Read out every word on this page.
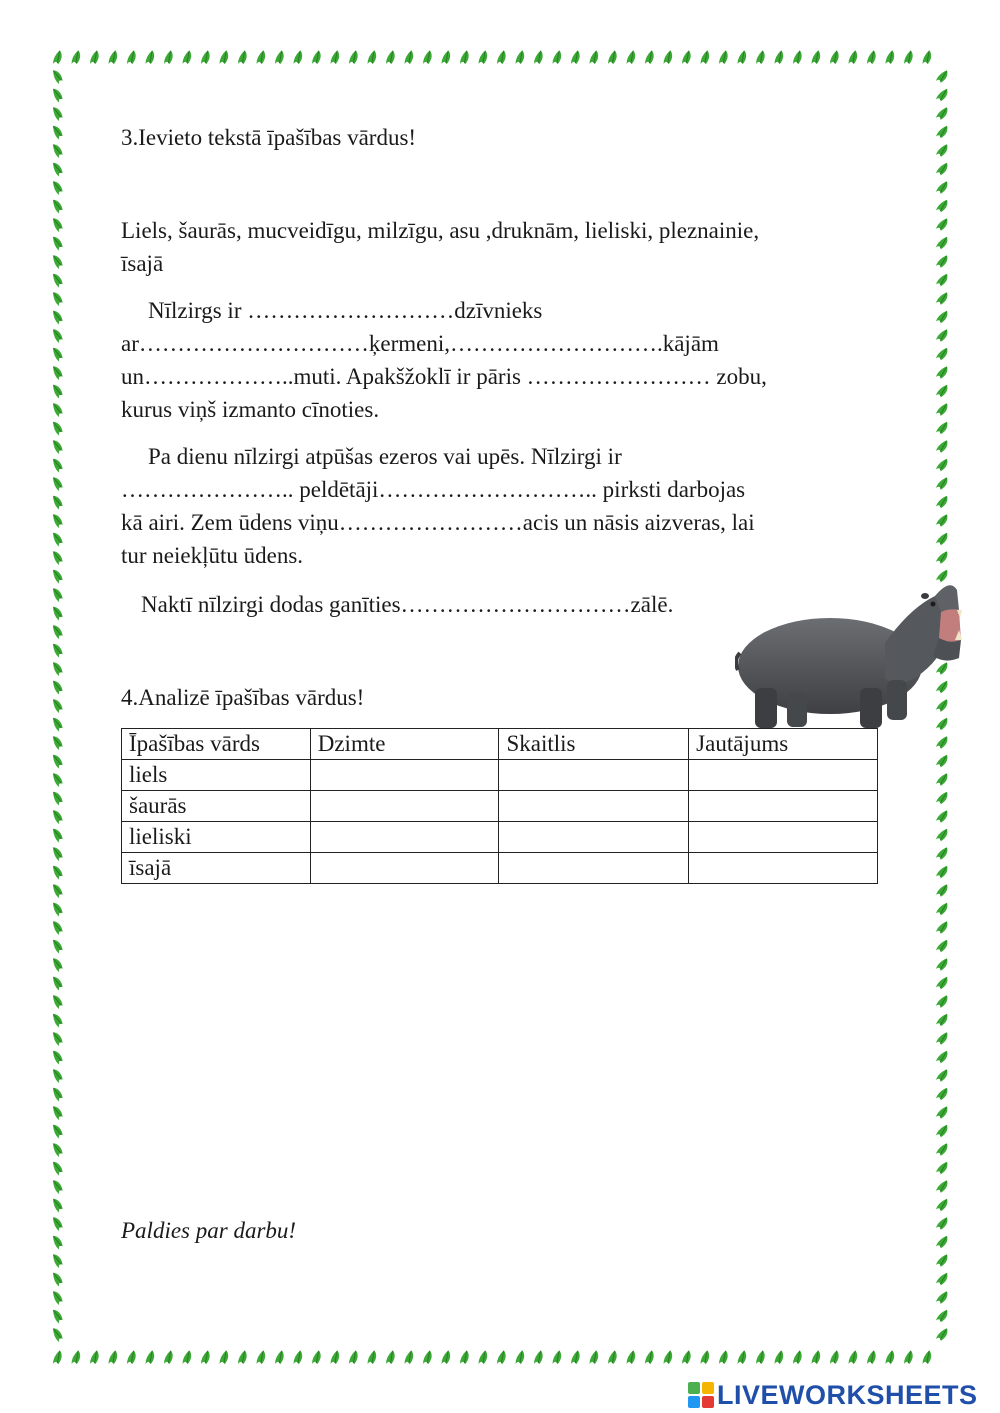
3.Ievieto tekstā īpašības vārdus!

Liels, šaurās, mucveidīgu, milzīgu, asu ,druknām, lieliski, pleznainie,
īsajā

Nīlzirgs ir ………………………dzīvnieks
ar…………………………ķermeni,……………………….kājām
un………………..muti. Apakšžoklī ir pāris …………………… zobu,
kurus viņš izmanto cīnoties.

Pa dienu nīlzirgi atpūšas ezeros vai upēs. Nīlzirgi ir
………………….. peldētāji……………………….. pirksti darbojas
kā airi. Zem ūdens viņu……………………acis un nāsis aizveras, lai
tur neiekļūtu ūdens.

Naktī nīlzirgi dodas ganīties…………………………zālē.

4.Analizē īpašības vārdus!

Īpašības vārds	Dzimte	Skaitlis	Jautājums
liels			
šaurās			
lieliski			
īsajā			

Paldies par darbu!

LIVEWORKSHEETS
